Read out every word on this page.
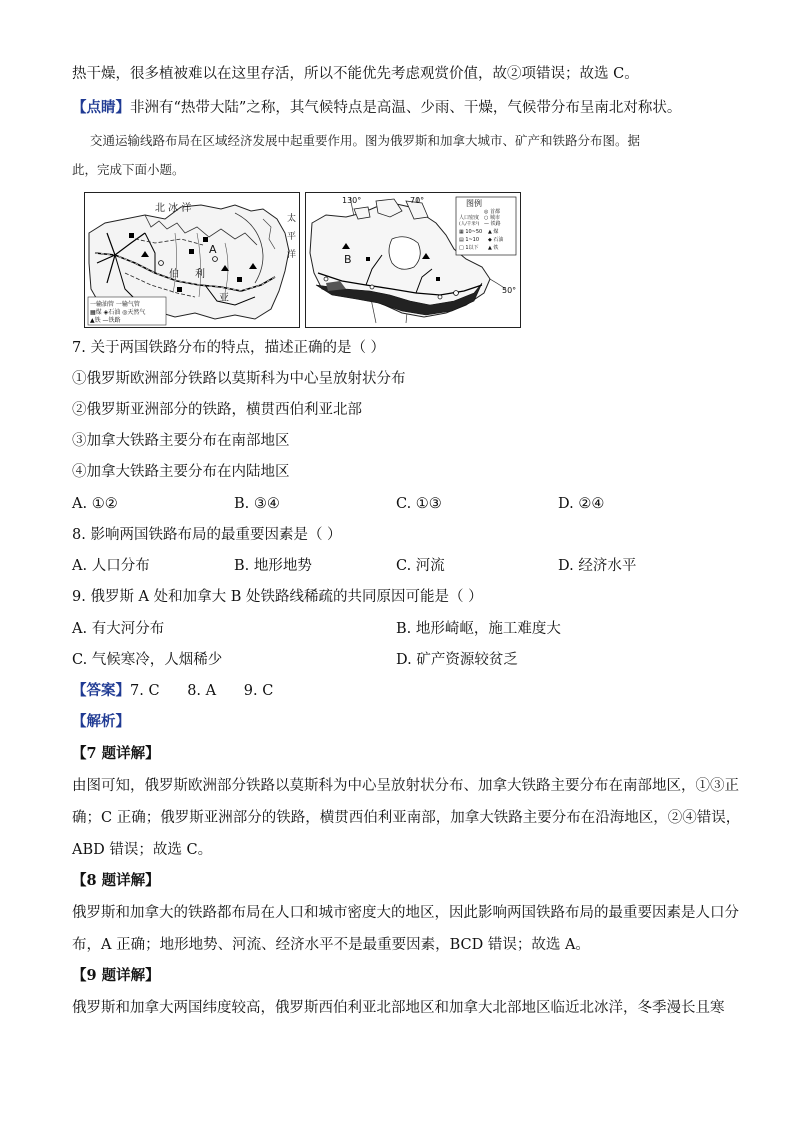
热干燥，很多植被难以在这里存活，所以不能优先考虑观赏价值，故②项错误；故选 C。
【点睛】非洲有“热带大陆”之称，其气候特点是高温、少雨、干燥，气候带分布呈南北对称状。
交通运输线路布局在区域经济发展中起重要作用。图为俄罗斯和加拿大城市、矿产和铁路分布图。据
此，完成下面小题。
北 冰 洋
A
太
平
洋
伯 利
亚
一输油管 一输气管
▦煤 ◈石油 ◎天然气
▲铁 —铁路
130°	70°
50°
B
图例
◎ 首都
○ 城市
— 铁路
人口密度
(人/千米²)
▦ 10~50
▤ 1~10
□ 1以下
▲ 煤
◆ 石油
▲ 铁
7. 关于两国铁路分布的特点，描述正确的是（ ）
①俄罗斯欧洲部分铁路以莫斯科为中心呈放射状分布
②俄罗斯亚洲部分的铁路，横贯西伯利亚北部
③加拿大铁路主要分布在南部地区
④加拿大铁路主要分布在内陆地区
A. ①②	B. ③④	C. ①③	D. ②④
8. 影响两国铁路布局的最重要因素是（ ）
A. 人口分布	B. 地形地势	C. 河流	D. 经济水平
9. 俄罗斯 A 处和加拿大 B 处铁路线稀疏的共同原因可能是（ ）
A. 有大河分布	B. 地形崎岖，施工难度大
C. 气候寒冷，人烟稀少	D. 矿产资源较贫乏
【答案】7. C      8. A      9. C
【解析】
【7 题详解】
由图可知，俄罗斯欧洲部分铁路以莫斯科为中心呈放射状分布、加拿大铁路主要分布在南部地区，①③正
确；C 正确；俄罗斯亚洲部分的铁路，横贯西伯利亚南部，加拿大铁路主要分布在沿海地区，②④错误，
ABD 错误；故选 C。
【8 题详解】
俄罗斯和加拿大的铁路都布局在人口和城市密度大的地区，因此影响两国铁路布局的最重要因素是人口分
布，A 正确；地形地势、河流、经济水平不是最重要因素，BCD 错误；故选 A。
【9 题详解】
俄罗斯和加拿大两国纬度较高，俄罗斯西伯利亚北部地区和加拿大北部地区临近北冰洋，冬季漫长且寒
